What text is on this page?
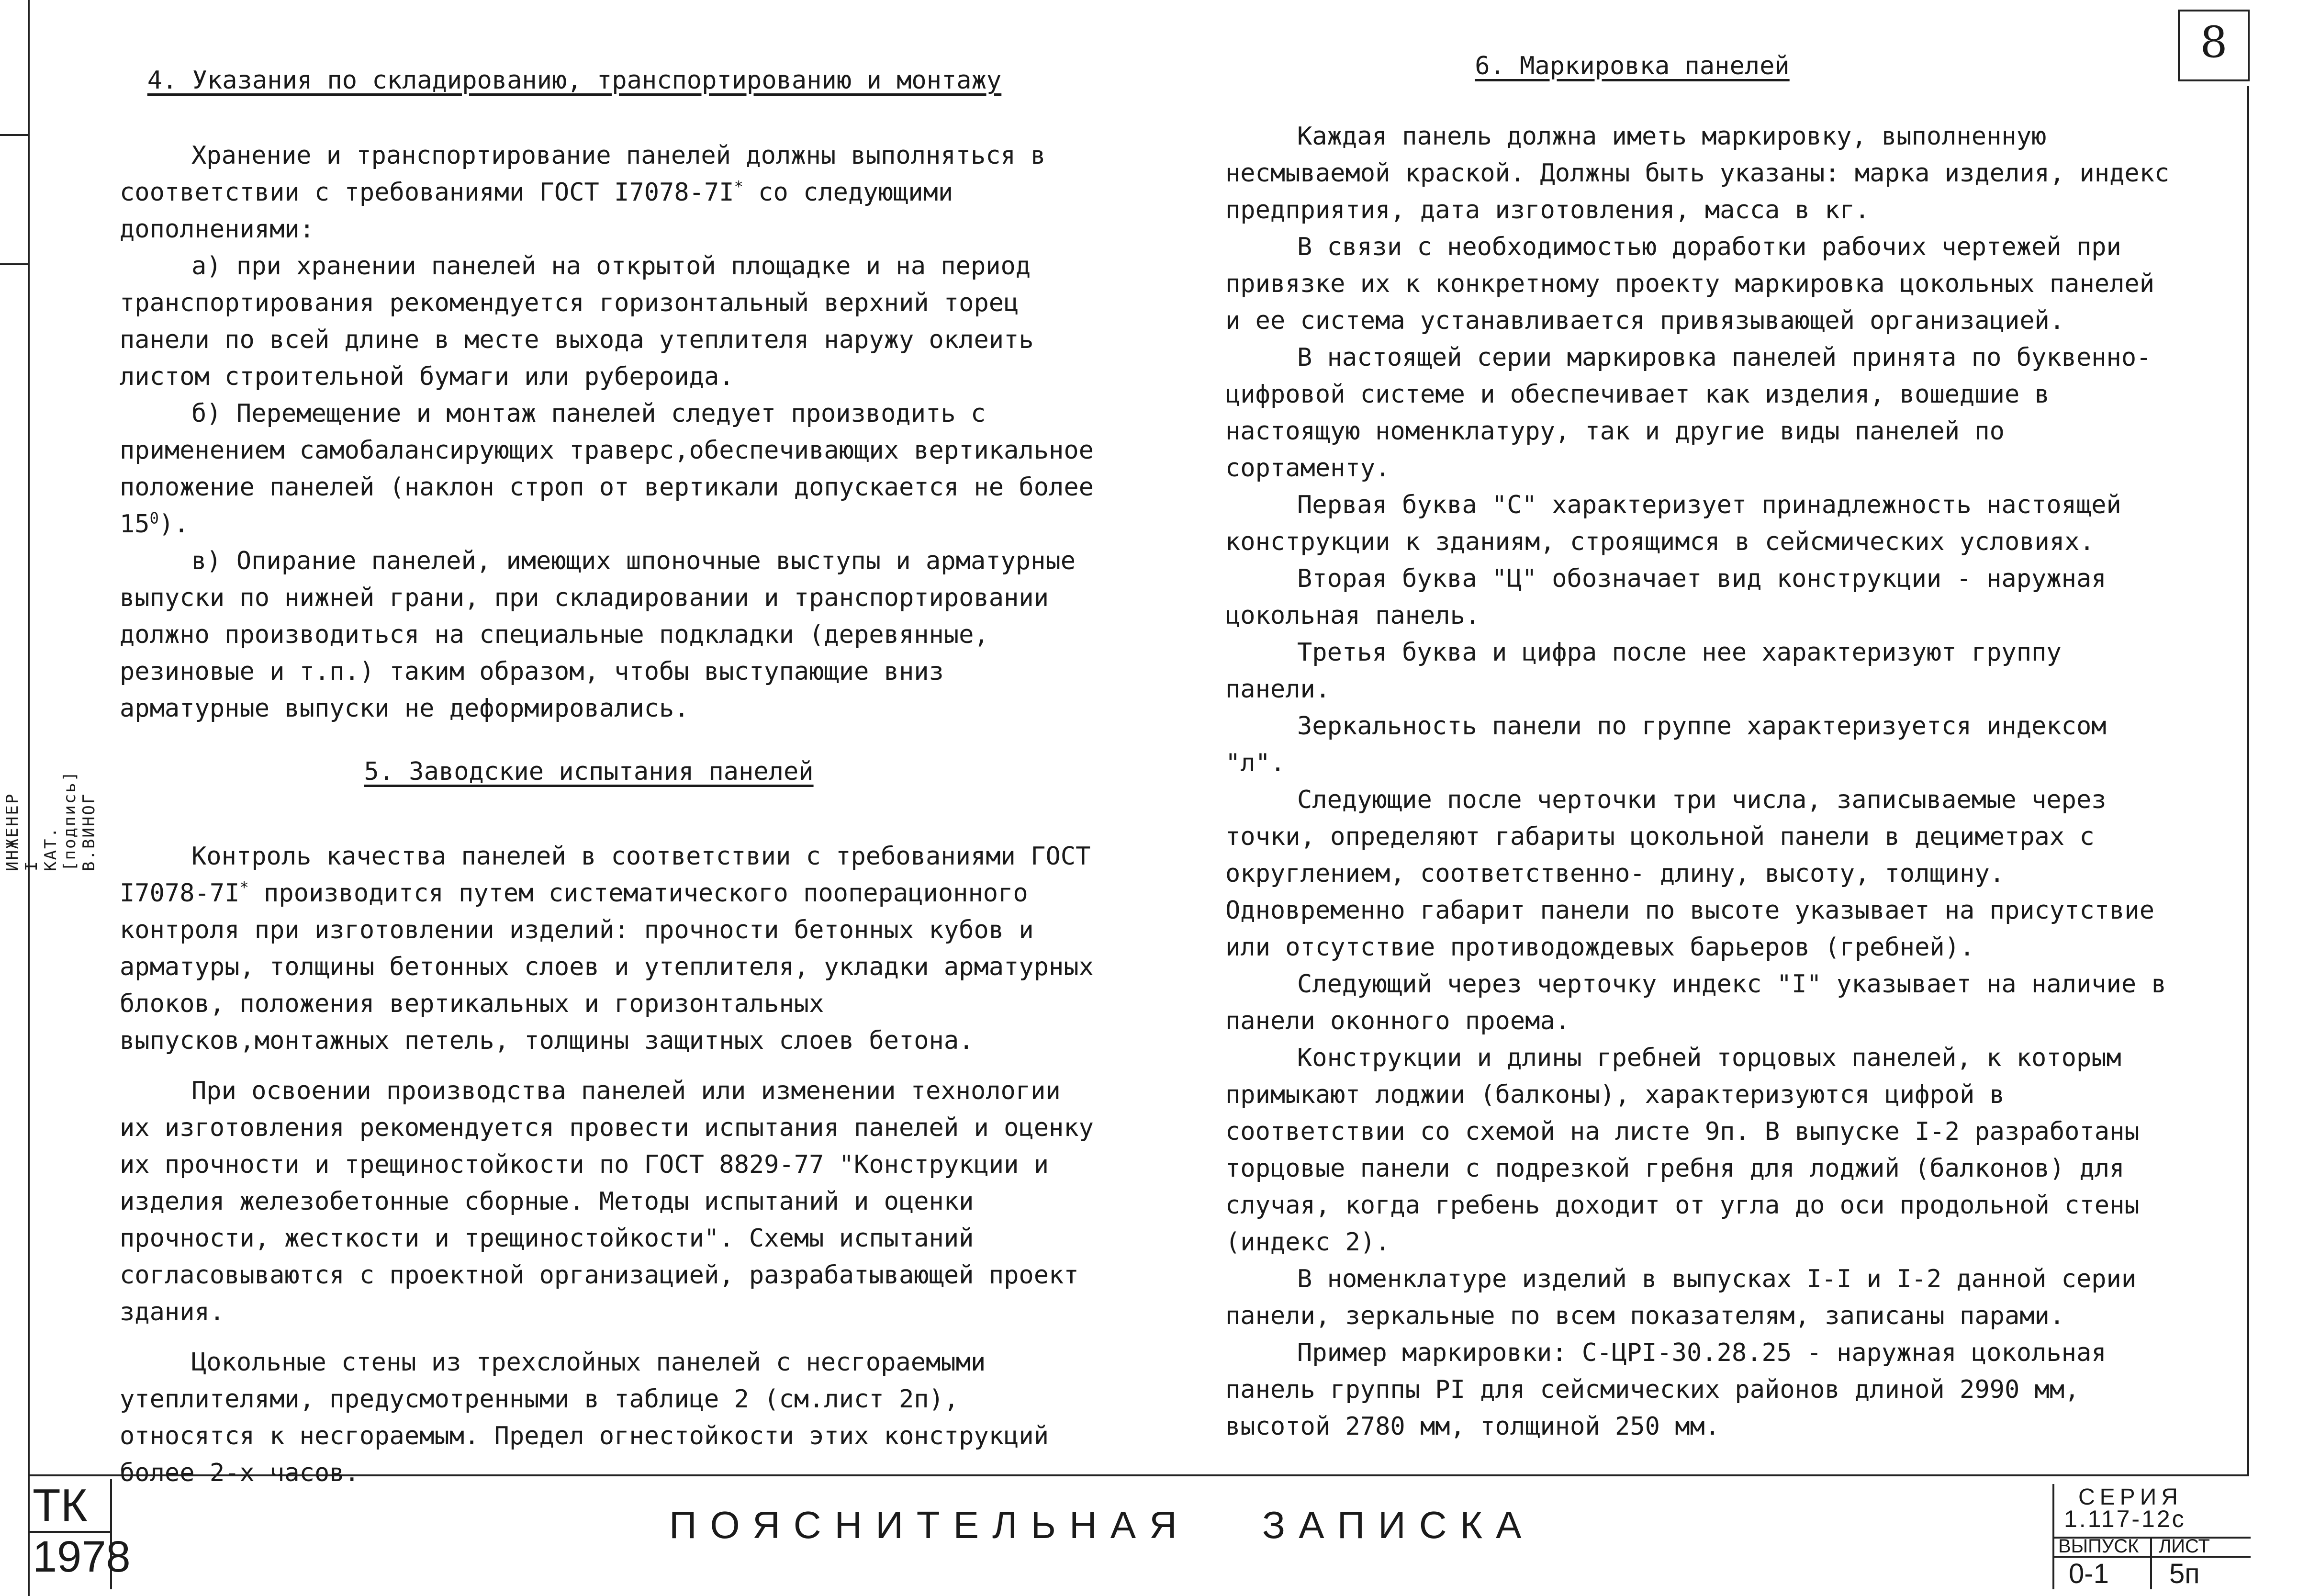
ИНЖЕНЕР I КАТ. [подпись] В.ВИНОГ
8

4. Указания по складированию, транспортированию и монтажу

Хранение и транспортирование панелей должны выполняться в соответствии с требованиями ГОСТ I7078-7I* со следующими дополнениями:

а) при хранении панелей на открытой площадке и на период транспортирования рекомендуется горизонтальный верхний торец панели по всей длине в месте выхода утеплителя наружу оклеить листом строительной бумаги или рубероида.

б) Перемещение и монтаж панелей следует производить с применением самобалансирующих траверс,обеспечивающих вертикальное положение панелей (наклон строп от вертикали допускается не более $15^0$).

в) Опирание панелей, имеющих шпоночные выступы и арматурные выпуски по нижней грани, при складировании и транспортировании должно производиться на специальные подкладки (деревянные, резиновые и т.п.) таким образом, чтобы выступающие вниз арматурные выпуски не деформировались.

5. Заводские испытания панелей

Контроль качества панелей в соответствии с требованиями ГОСТ I7078-7I* производится путем систематического пооперационного контроля при изготовлении изделий: прочности бетонных кубов и арматуры, толщины бетонных слоев и утеплителя, укладки арматурных блоков, положения вертикальных и горизонтальных выпусков,монтажных петель, толщины защитных слоев бетона.

При освоении производства панелей или изменении технологии их изготовления рекомендуется провести испытания панелей и оценку их прочности и трещиностойкости по ГОСТ 8829-77 "Конструкции и изделия железобетонные сборные. Методы испытаний и оценки прочности, жесткости и трещиностойкости". Схемы испытаний согласовываются с проектной организацией, разрабатывающей проект здания.

Цокольные стены из трехслойных панелей с несгораемыми утеплителями, предусмотренными в таблице 2 (см.лист 2п), относятся к несгораемым. Предел огнестойкости этих конструкций более 2-х часов.

6. Маркировка панелей

Каждая панель должна иметь маркировку, выполненную несмываемой краской. Должны быть указаны: марка изделия, индекс предприятия, дата изготовления, масса в кг.

В связи с необходимостью доработки рабочих чертежей при привязке их к конкретному проекту маркировка цокольных панелей и ее система устанавливается привязывающей организацией.

В настоящей серии маркировка панелей принята по буквенно-цифровой системе и обеспечивает как изделия, вошедшие в настоящую номенклатуру, так и другие виды панелей по сортаменту.

Первая буква "С" характеризует принадлежность настоящей конструкции к зданиям, строящимся в сейсмических условиях.

Вторая буква "Ц" обозначает вид конструкции - наружная цокольная панель.

Третья буква и цифра после нее характеризуют группу панели.

Зеркальность панели по группе характеризуется индексом "л".

Следующие после черточки три числа, записываемые через точки, определяют габариты цокольной панели в дециметрах с округлением, соответственно- длину, высоту, толщину. Одновременно габарит панели по высоте указывает на присутствие или отсутствие противодождевых барьеров (гребней).

Следующий через черточку индекс "I" указывает на наличие в панели оконного проема.

Конструкции и длины гребней торцовых панелей, к которым примыкают лоджии (балконы), характеризуются цифрой в соответствии со схемой на листе 9п. В выпуске I-2 разработаны торцовые панели с подрезкой гребня для лоджий (балконов) для случая, когда гребень доходит от угла до оси продольной стены (индекс 2).

В номенклатуре изделий в выпусках I-I и I-2 данной серии панели, зеркальные по всем показателям, записаны парами.

Пример маркировки: С-ЦРI-30.28.25 - наружная цокольная панель группы PI для сейсмических районов длиной 2990 мм, высотой 2780 мм, толщиной 250 мм.

ТК
1978
ПОЯСНИТЕЛЬНАЯ ЗАПИСКА
СЕРИЯ
1.117-12с
ВЫПУСК ЛИСТ
0-1 5п
